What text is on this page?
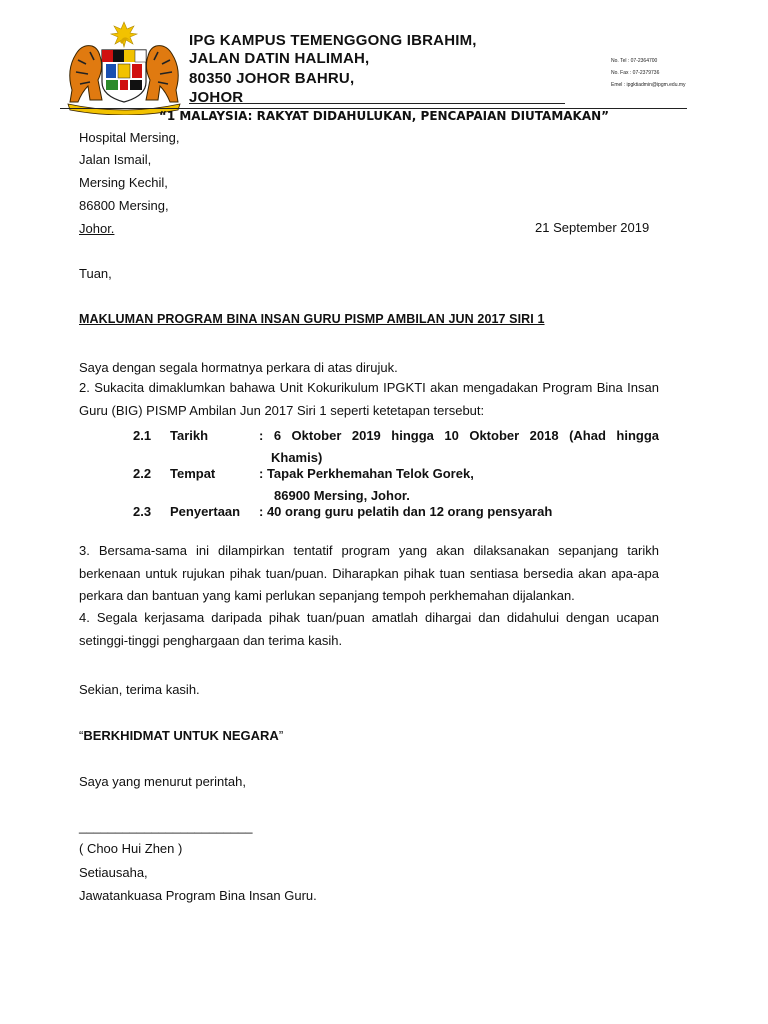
IPG KAMPUS TEMENGGONG IBRAHIM,
JALAN DATIN HALIMAH,
80350 JOHOR BAHRU,
JOHOR
No. Tel : 07-2364700
No. Fax : 07-2379736
Emel : ipgktiadmin@ipgm.edu.my
“1 MALAYSIA: RAKYAT DIDAHULUKAN, PENCAPAIAN DIUTAMAKAN”
Hospital Mersing,
Jalan Ismail,
Mersing Kechil,
86800 Mersing,
Johor.	21 September 2019
Tuan,
MAKLUMAN PROGRAM BINA INSAN GURU PISMP AMBILAN JUN 2017 SIRI 1
Saya dengan segala hormatnya perkara di atas dirujuk.
2. Sukacita dimaklumkan bahawa Unit Kokurikulum IPGKTI akan mengadakan Program Bina Insan Guru (BIG) PISMP Ambilan Jun 2017 Siri 1 seperti ketetapan tersebut:
2.1 Tarikh	: 6 Oktober 2019 hingga 10 Oktober 2018 (Ahad hingga
Khamis)
2.2 Tempat	: Tapak Perkhemahan Telok Gorek,
86900 Mersing, Johor.
2.3 Penyertaan : 40 orang guru pelatih dan 12 orang pensyarah
3. Bersama-sama ini dilampirkan tentatif program yang akan dilaksanakan sepanjang tarikh berkenaan untuk rujukan pihak tuan/puan. Diharapkan pihak tuan sentiasa bersedia akan apa-apa perkara dan bantuan yang kami perlukan sepanjang tempoh perkhemahan dijalankan.
4. Segala kerjasama daripada pihak tuan/puan amatlah dihargai dan didahului dengan ucapan setinggi-tinggi penghargaan dan terima kasih.
Sekian, terima kasih.
“BERKHIDMAT UNTUK NEGARA”
Saya yang menurut perintah,
________________________
( Choo Hui Zhen )
Setiausaha,
Jawatankuasa Program Bina Insan Guru.
